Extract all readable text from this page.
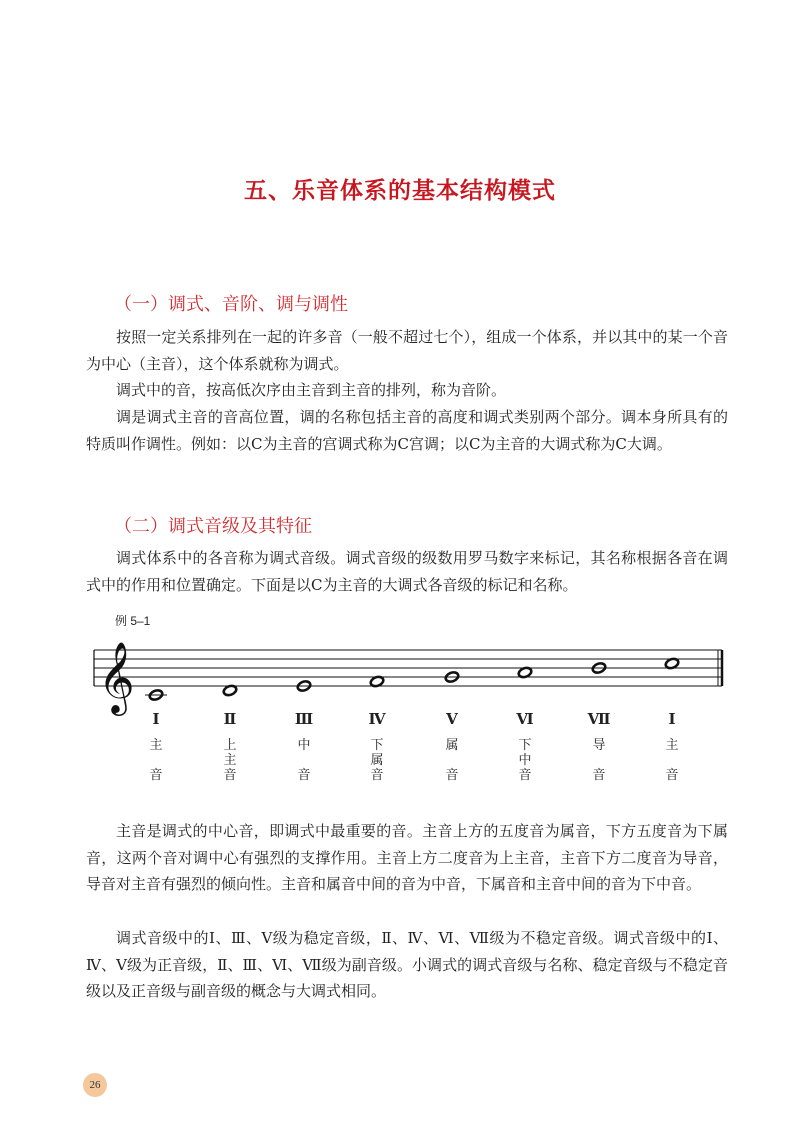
五、乐音体系的基本结构模式
（一）调式、音阶、调与调性

按照一定关系排列在一起的许多音（一般不超过七个），组成一个体系，并以其中的某一个音为中心（主音），这个体系就称为调式。

调式中的音，按高低次序由主音到主音的排列，称为音阶。

调是调式主音的音高位置，调的名称包括主音的高度和调式类别两个部分。调本身所具有的特质叫作调性。例如：以C为主音的宫调式称为C宫调；以C为主音的大调式称为C大调。

（二）调式音级及其特征

调式体系中的各音称为调式音级。调式音级的级数用罗马数字来标记，其名称根据各音在调式中的作用和位置确定。下面是以C为主音的大调式各音级的标记和名称。

例 5–1
𝄞
Ⅰ
主
音
Ⅱ
上
主
音
Ⅲ
中
音
Ⅳ
下
属
音
Ⅴ
属
音
Ⅵ
下
中
音
Ⅶ
导
音
Ⅰ
主
音

主音是调式的中心音，即调式中最重要的音。主音上方的五度音为属音，下方五度音为下属音，这两个音对调中心有强烈的支撑作用。主音上方二度音为上主音，主音下方二度音为导音，导音对主音有强烈的倾向性。主音和属音中间的音为中音，下属音和主音中间的音为下中音。

调式音级中的Ⅰ、Ⅲ、Ⅴ级为稳定音级，Ⅱ、Ⅳ、Ⅵ、Ⅶ级为不稳定音级。调式音级中的Ⅰ、Ⅳ、Ⅴ级为正音级，Ⅱ、Ⅲ、Ⅵ、Ⅶ级为副音级。小调式的调式音级与名称、稳定音级与不稳定音级以及正音级与副音级的概念与大调式相同。

26
